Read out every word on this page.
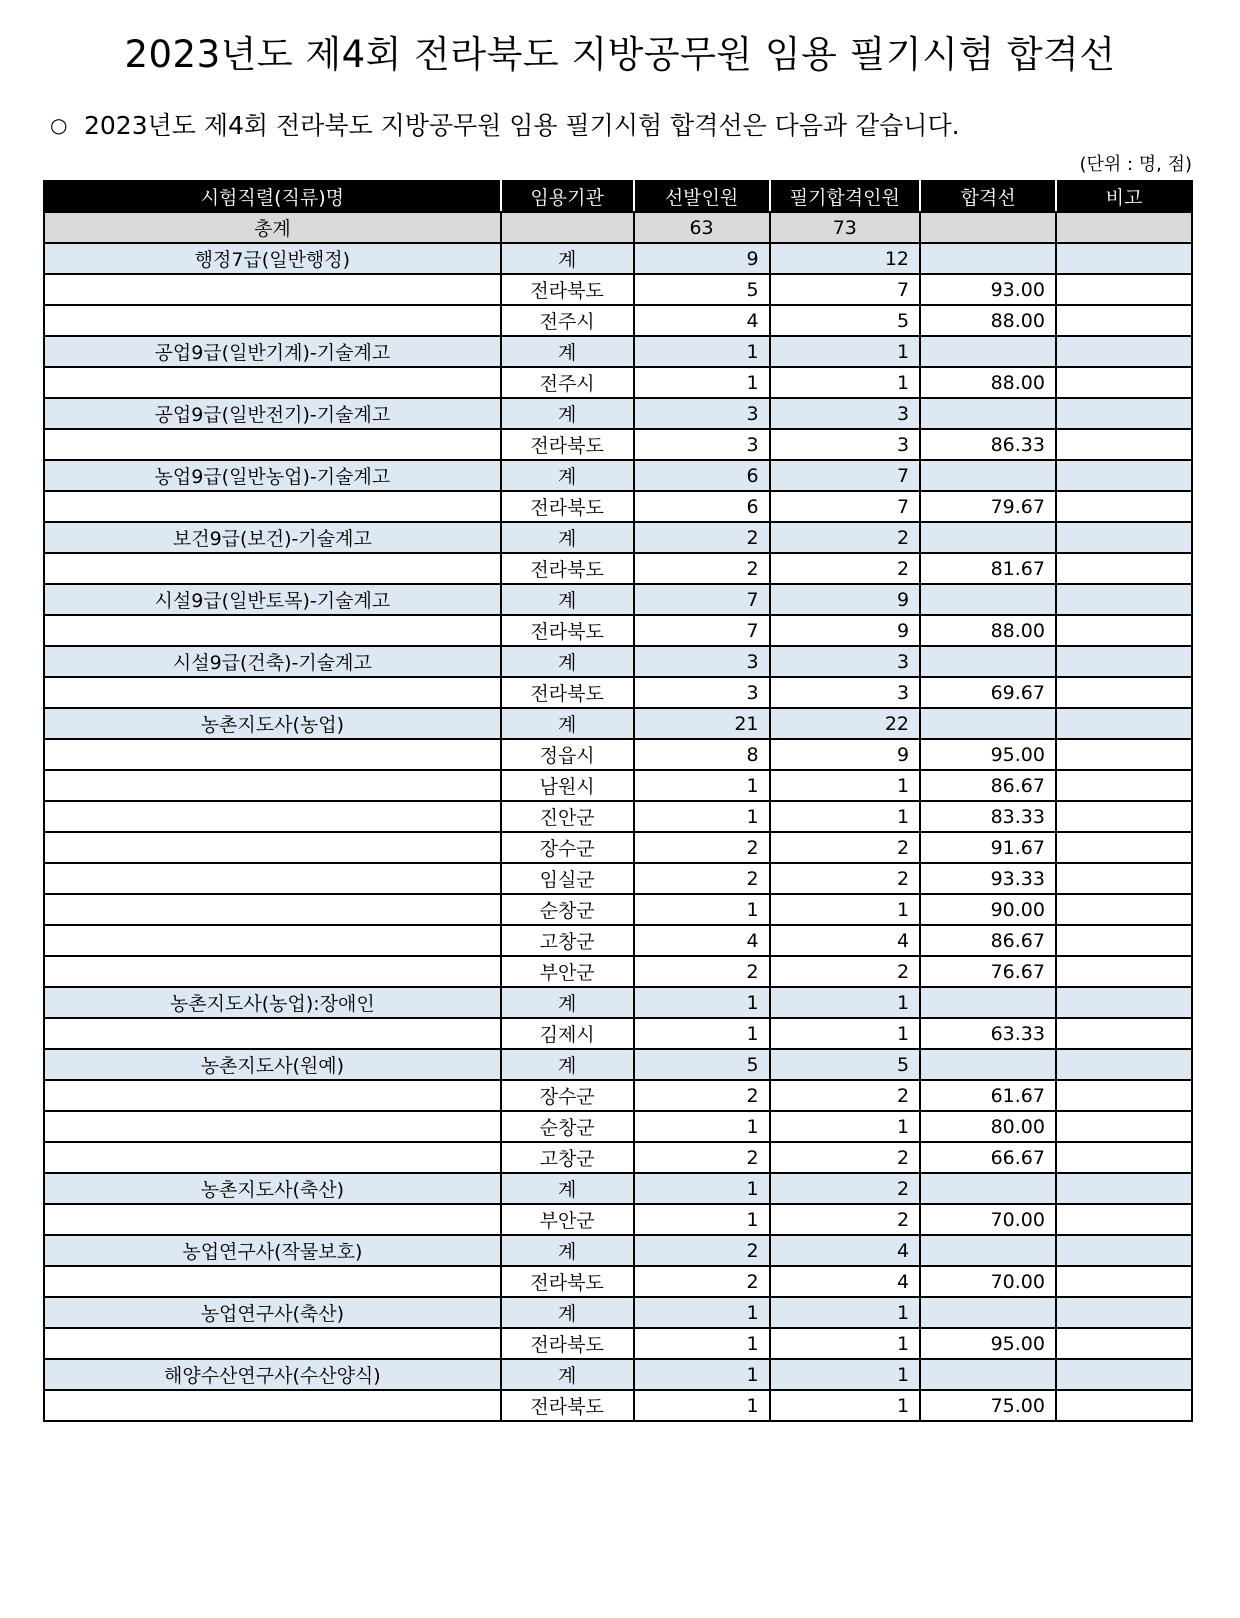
2023년도 제4회 전라북도 지방공무원 임용 필기시험 합격선
○ 2023년도 제4회 전라북도 지방공무원 임용 필기시험 합격선은 다음과 같습니다.
(단위 : 명, 점)
시험직렬(직류)명	임용기관	선발인원	필기합격인원	합격선	비고
총계		63	73		
행정7급(일반행정)	계	9	12		
	전라북도	5	7	93.00	
	전주시	4	5	88.00	
공업9급(일반기계)-기술계고	계	1	1		
	전주시	1	1	88.00	
공업9급(일반전기)-기술계고	계	3	3		
	전라북도	3	3	86.33	
농업9급(일반농업)-기술계고	계	6	7		
	전라북도	6	7	79.67	
보건9급(보건)-기술계고	계	2	2		
	전라북도	2	2	81.67	
시설9급(일반토목)-기술계고	계	7	9		
	전라북도	7	9	88.00	
시설9급(건축)-기술계고	계	3	3		
	전라북도	3	3	69.67	
농촌지도사(농업)	계	21	22		
	정읍시	8	9	95.00	
	남원시	1	1	86.67	
	진안군	1	1	83.33	
	장수군	2	2	91.67	
	임실군	2	2	93.33	
	순창군	1	1	90.00	
	고창군	4	4	86.67	
	부안군	2	2	76.67	
농촌지도사(농업):장애인	계	1	1		
	김제시	1	1	63.33	
농촌지도사(원예)	계	5	5		
	장수군	2	2	61.67	
	순창군	1	1	80.00	
	고창군	2	2	66.67	
농촌지도사(축산)	계	1	2		
	부안군	1	2	70.00	
농업연구사(작물보호)	계	2	4		
	전라북도	2	4	70.00	
농업연구사(축산)	계	1	1		
	전라북도	1	1	95.00	
해양수산연구사(수산양식)	계	1	1		
	전라북도	1	1	75.00	
